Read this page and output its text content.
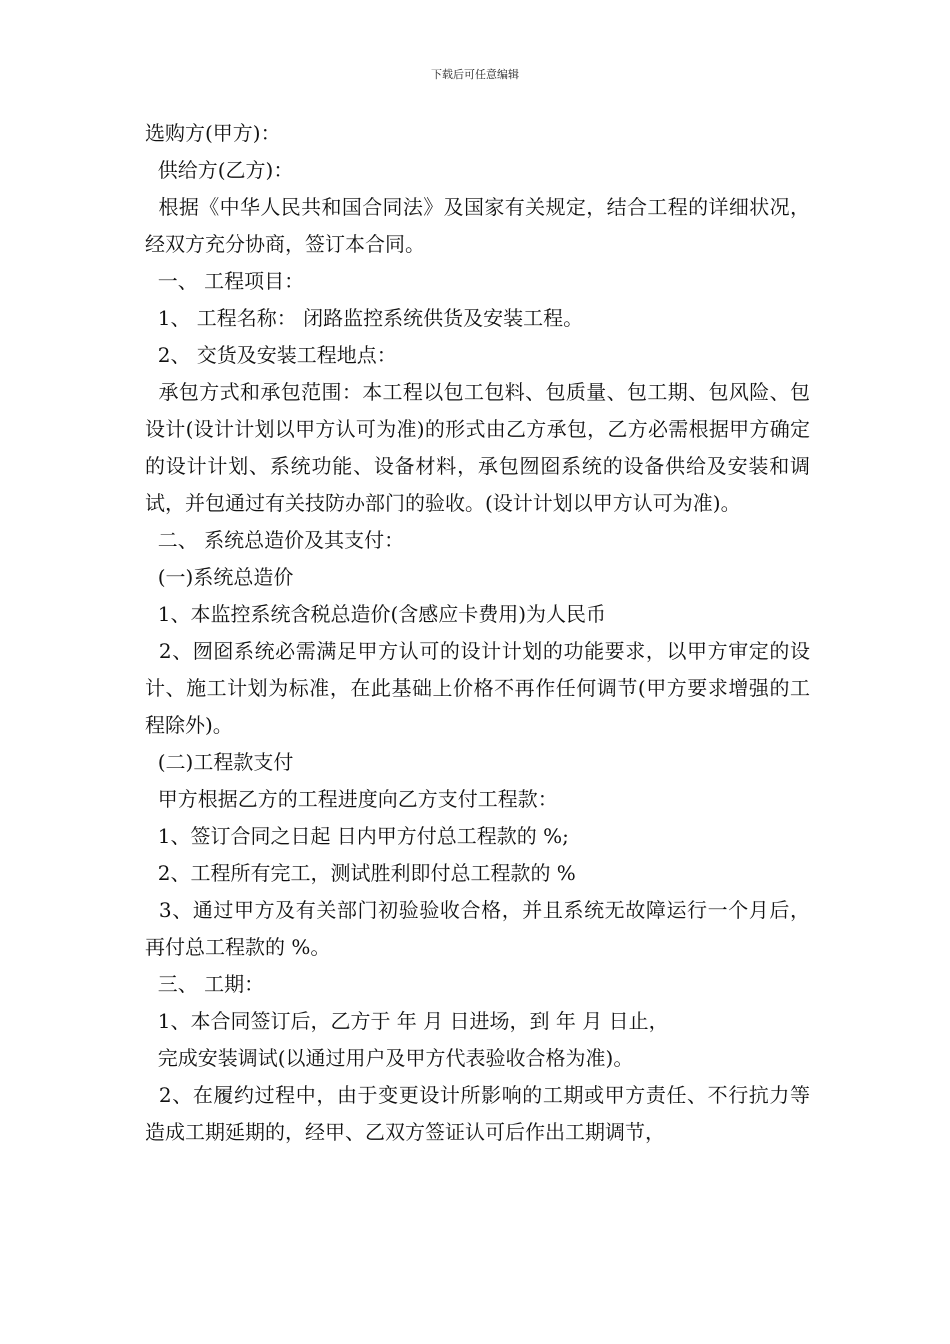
下载后可任意编辑

选购方(甲方)：

供给方(乙方)：

根据《中华人民共和国合同法》及国家有关规定，结合工程的详细状况，经双方充分协商，签订本合同。

一、 工程项目：

1、 工程名称： 闭路监控系统供货及安装工程。

2、 交货及安装工程地点：

承包方式和承包范围：本工程以包工包料、包质量、包工期、包风险、包设计(设计计划以甲方认可为准)的形式由乙方承包，乙方必需根据甲方确定的设计计划、系统功能、设备材料，承包囫囵系统的设备供给及安装和调试，并包通过有关技防办部门的验收。(设计计划以甲方认可为准)。

二、 系统总造价及其支付：

(一)系统总造价

1、本监控系统含税总造价(含感应卡费用)为人民币

2、囫囵系统必需满足甲方认可的设计计划的功能要求，以甲方审定的设计、施工计划为标准，在此基础上价格不再作任何调节(甲方要求增强的工程除外)。

(二)工程款支付

甲方根据乙方的工程进度向乙方支付工程款：

1、签订合同之日起 日内甲方付总工程款的 %;

2、工程所有完工，测试胜利即付总工程款的 %

3、通过甲方及有关部门初验验收合格，并且系统无故障运行一个月后，再付总工程款的 %。

三、 工期：

1、本合同签订后，乙方于 年 月 日进场，到 年 月 日止，

完成安装调试(以通过用户及甲方代表验收合格为准)。

2、在履约过程中，由于变更设计所影响的工期或甲方责任、不行抗力等造成工期延期的，经甲、乙双方签证认可后作出工期调节，
